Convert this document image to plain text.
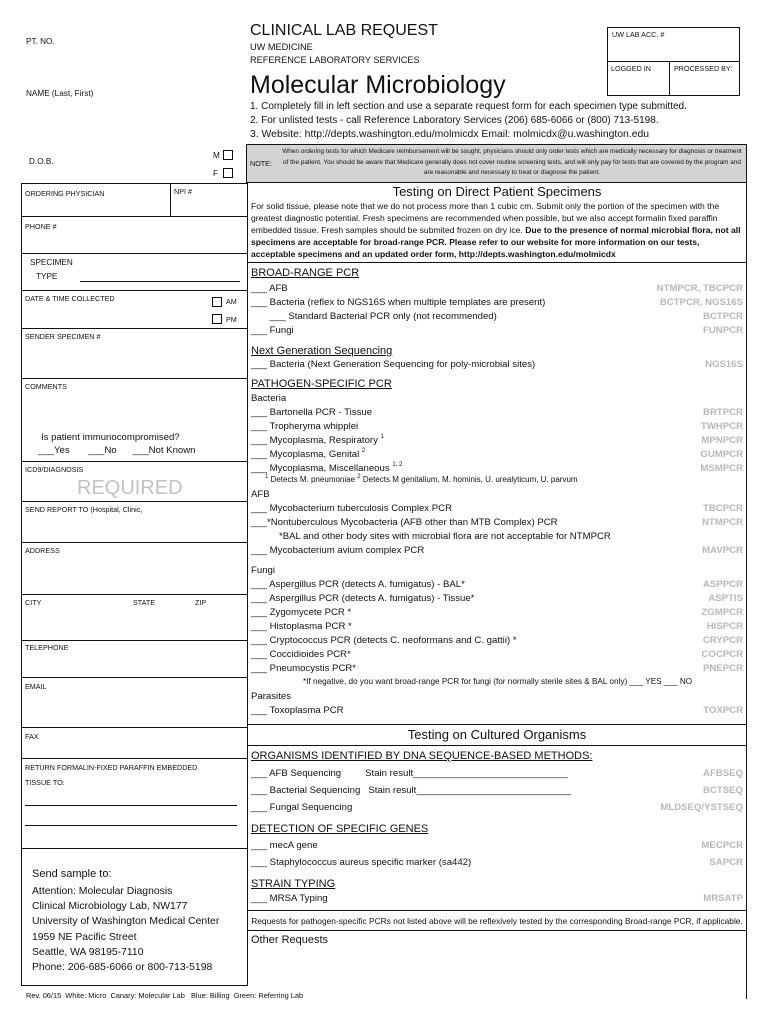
PT. NO.
NAME (Last, First)
D.O.B.
M
F
CLINICAL LAB REQUEST
UW MEDICINE
REFERENCE LABORATORY SERVICES
Molecular Microbiology
1. Completely fill in left section and use a separate request form for each specimen type submitted.
2. For unlisted tests - call Reference Laboratory Services (206) 685-6066 or (800) 713-5198.
3. Website: http://depts.washington.edu/molmicdx Email: molmicdx@u.washington.edu
UW LAB ACC. #
LOGGED IN	PROCESSED BY:
NOTE:
When ordering tests for which Medicare reimbursement will be sought, physicians should only order tests which are medically necessary for diagnosis or treatment of the patient. You should be aware that Medicare generally does not cover routine screening tests, and will only pay for tests that are covered by the program and are reasonable and necessary to treat or diagnose the patient.
ORDERING PHYSICIAN	NPI #
PHONE #
SPECIMEN
TYPE
DATE & TIME COLLECTED	AM
PM
SENDER SPECIMEN #
COMMENTS
Is patient immunocompromised?
___Yes       ___No      ___Not Known
ICD9/DIAGNOSIS
REQUIRED
SEND REPORT TO (Hospital, Clinic,
ADDRESS
CITY	STATE	ZIP
TELEPHONE
EMAIL
FAX
RETURN FORMALIN-FIXED PARAFFIN EMBEDDED
TISSUE TO:
Send sample to:
Attention: Molecular Diagnosis
Clinical Microbiology Lab, NW177
University of Washington Medical Center
1959 NE Pacific Street
Seattle, WA 98195-7110
Phone: 206-685-6066 or 800-713-5198
Testing on Direct Patient Specimens
For solid tissue, please note that we do not process more than 1 cubic cm. Submit only the portion of the specimen with the greatest diagnostic potential. Fresh specimens are recommended when possible, but we also accept formalin fixed paraffin embedded tissue. Fresh samples should be submited frozen on dry ice. Due to the presence of normal microbial flora, not all specimens are acceptable for broad-range PCR. Please refer to our website for more information on our tests, acceptable specimens and an updated order form, http://depts.washington.edu/molmicdx
BROAD-RANGE PCR
___ AFB	NTMPCR, TBCPCR
___ Bacteria (reflex to NGS16S when multiple templates are present)	BCTPCR, NGS16S
___ Standard Bacterial PCR only (not recommended)	BCTPCR
___ Fungi	FUNPCR
Next Generation Sequencing
___ Bacteria (Next Generation Sequencing for poly-microbial sites)	NGS16S
PATHOGEN-SPECIFIC PCR
Bacteria
___ Bartonella PCR - Tissue	BRTPCR
___ Tropheryma whipplei	TWHPCR
___ Mycoplasma, Respiratory $^1$	MPNPCR
___ Mycoplasma, Genital $^2$	GUMPCR
___ Mycoplasma, Miscellaneous $^{1, 2}$	MSMPCR
$^1$ Detects M. pneumoniae $^2$ Detects M genitalium, M. hominis, U. urealyticum, U. parvum
AFB
___ Mycobacterium tuberculosis Complex PCR	TBCPCR
___*Nontuberculous Mycobacteria (AFB other than MTB Complex) PCR	NTMPCR
*BAL and other body sites with microbial flora are not acceptable for NTMPCR
___ Mycobacterium avium complex PCR	MAVPCR
Fungi
___ Aspergillus PCR (detects A. fumigatus) - BAL*	ASPPCR
___ Aspergillus PCR (detects A. fumigatus) - Tissue*	ASPTIS
___ Zygomycete PCR *	ZGMPCR
___ Histoplasma PCR *	HISPCR
___ Cryptococcus PCR (detects C. neoformans and C. gattii) *	CRYPCR
___ Coccidioides PCR*	COCPCR
___ Pneumocystis PCR*	PNEPCR
*If negative, do you want broad-range PCR for fungi (for normally sterile sites & BAL only) ___ YES ___ NO
Parasites
___ Toxoplasma PCR	TOXPCR
Testing on Cultured Organisms
ORGANISMS IDENTIFIED BY DNA SEQUENCE-BASED METHODS:
___ AFB Sequencing         Stain result_____________________________	AFBSEQ
___ Bacterial Sequencing   Stain result_____________________________	BCTSEQ
___ Fungal Sequencing	MLDSEQ/YSTSEQ
DETECTION OF SPECIFIC GENES
___ mecA gene	MECPCR
___ Staphylococcus aureus specific marker (sa442)	SAPCR
STRAIN TYPING
___ MRSA Typing	MRSATP
Requests for pathogen-specific PCRs not listed above will be reflexively tested by the corresponding Broad-range PCR, if applicable.
Other Requests
Rev. 06/15  White: Micro  Canary: Molecular Lab   Blue: Billing  Green: Referring Lab
